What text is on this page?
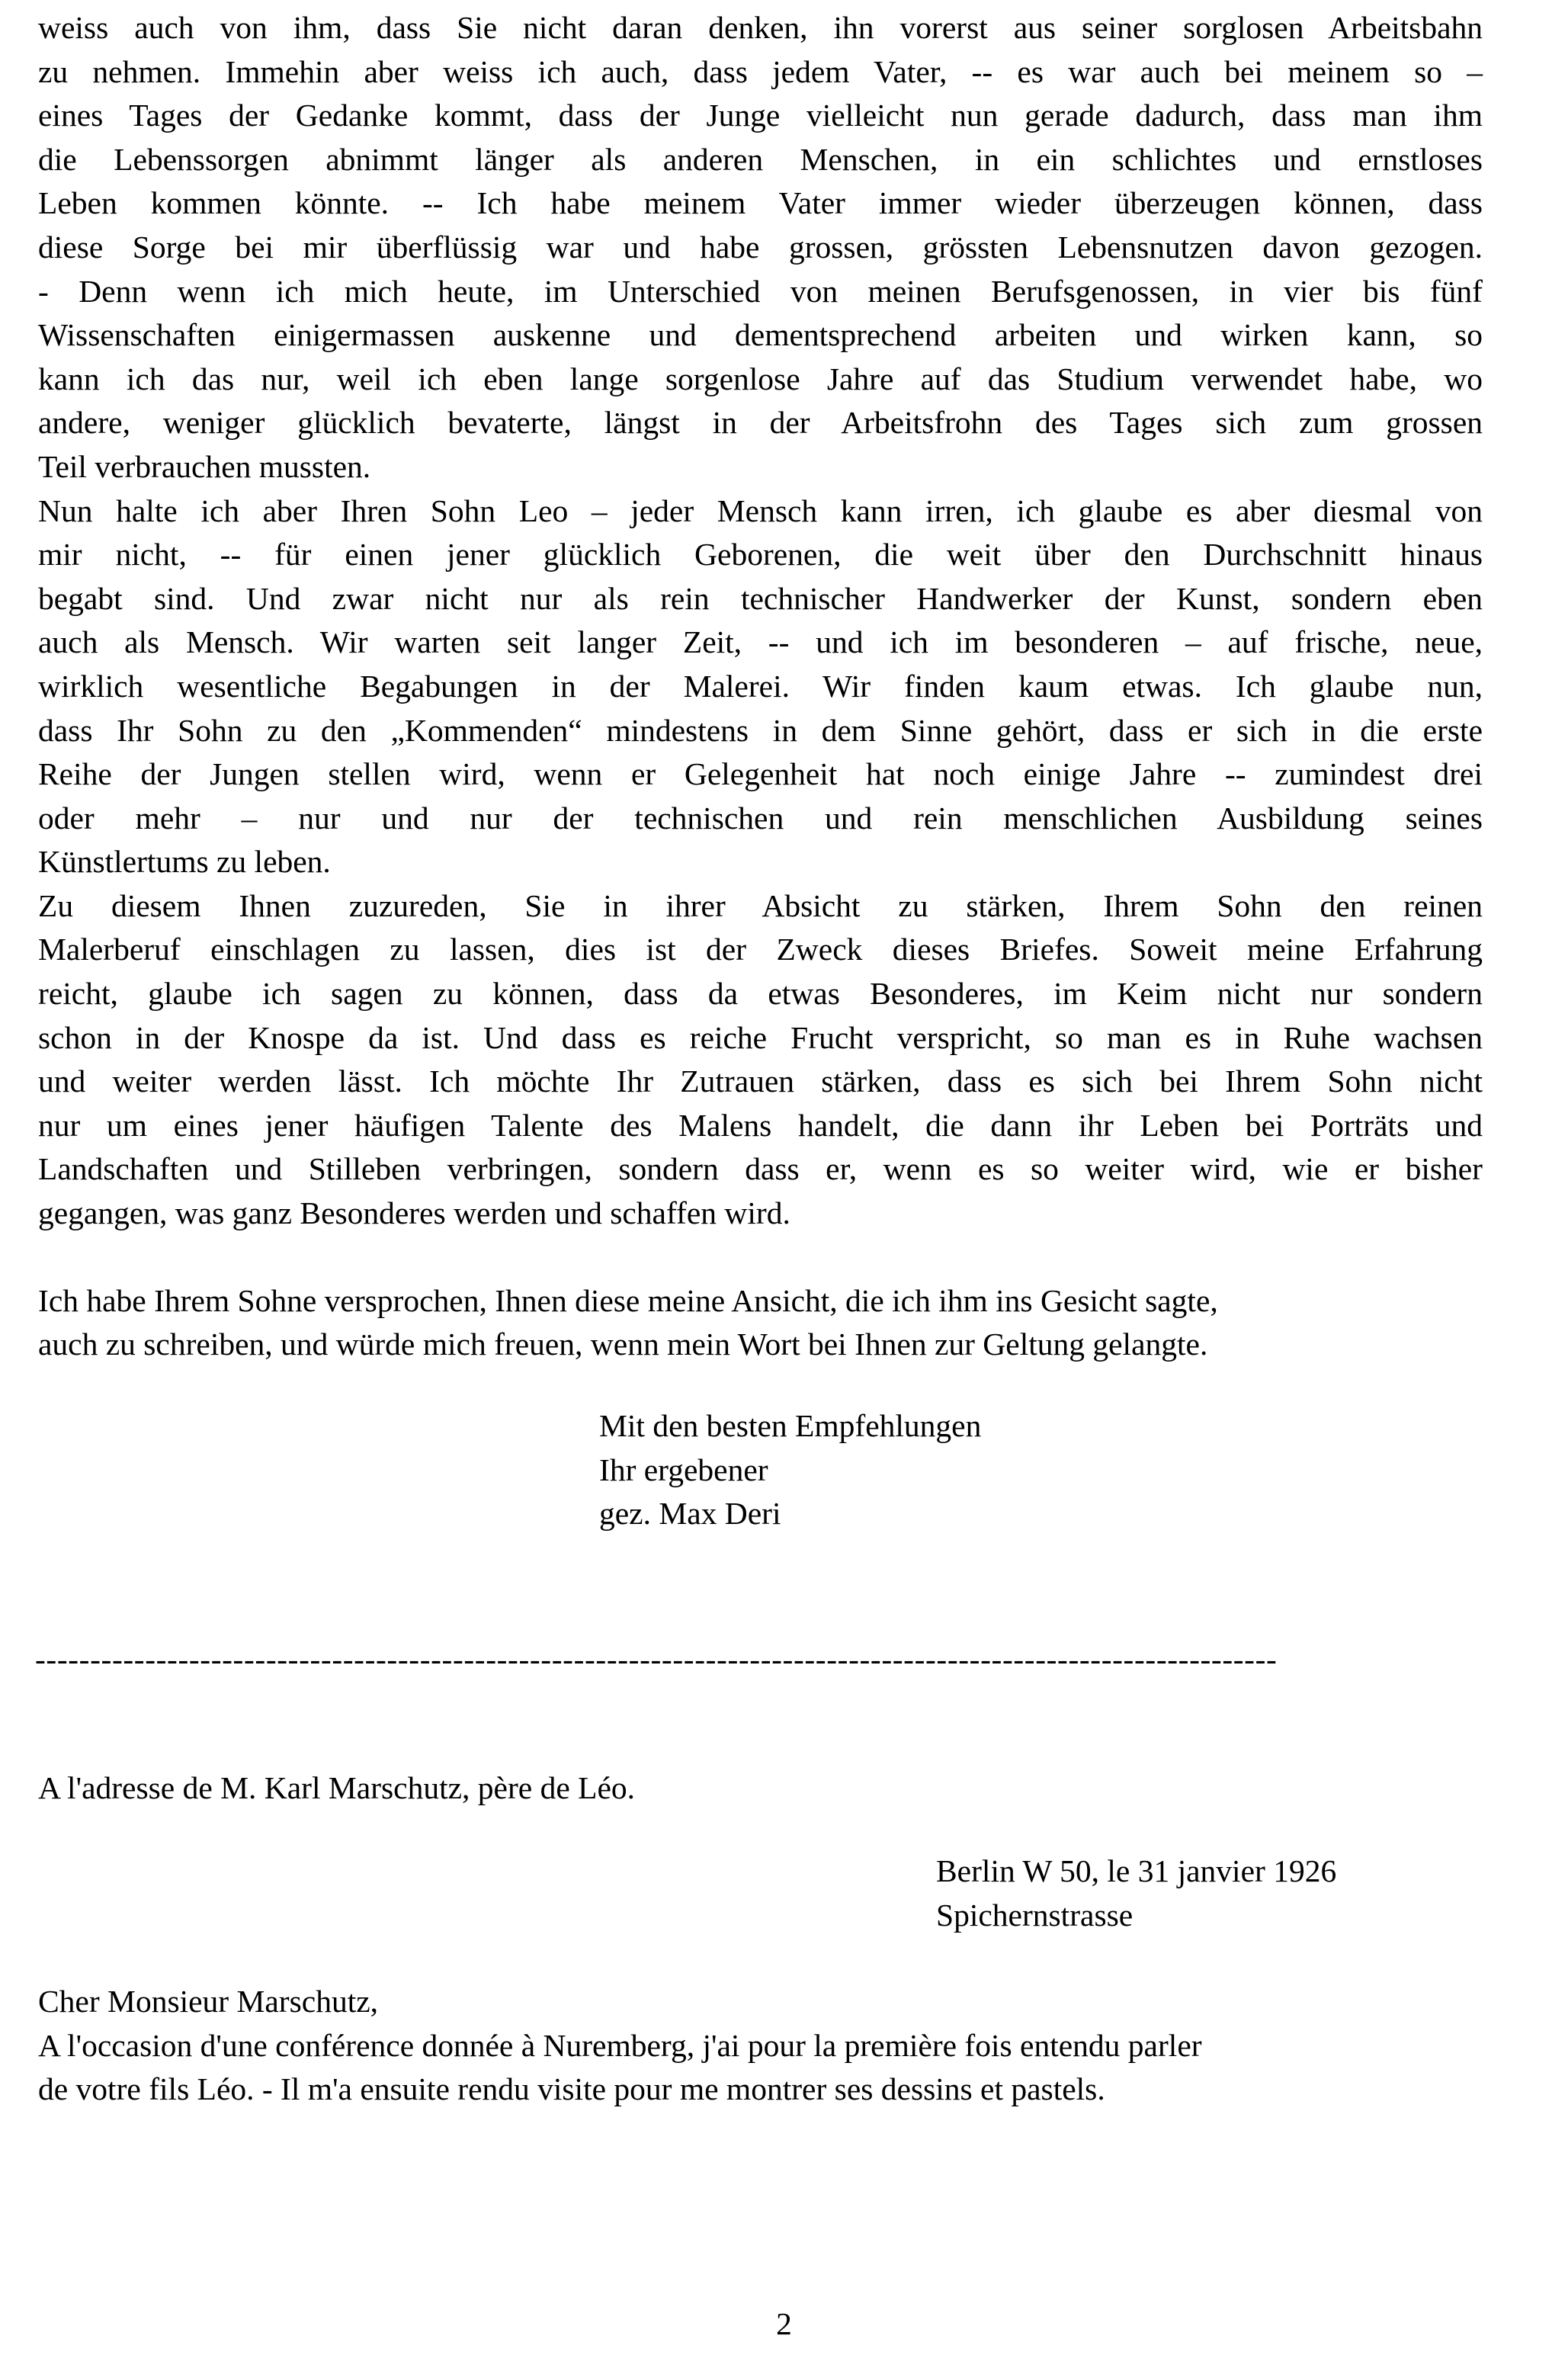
weiss auch von ihm, dass Sie nicht daran denken, ihn vorerst aus seiner sorglosen Arbeitsbahn
zu nehmen. Immehin aber weiss ich auch, dass jedem Vater, -- es war auch bei meinem so –
eines Tages der Gedanke kommt, dass der Junge vielleicht nun gerade dadurch, dass man ihm
die Lebenssorgen abnimmt länger als anderen Menschen, in ein schlichtes und ernstloses
Leben kommen könnte. -- Ich habe meinem Vater immer wieder überzeugen können, dass
diese Sorge bei mir überflüssig war und habe grossen, grössten Lebensnutzen davon gezogen.
- Denn wenn ich mich heute, im Unterschied von meinen Berufsgenossen, in vier bis fünf
Wissenschaften einigermassen auskenne und dementsprechend arbeiten und wirken kann, so
kann ich das nur, weil ich eben lange sorgenlose Jahre auf das Studium verwendet habe, wo
andere, weniger glücklich bevaterte, längst in der Arbeitsfrohn des Tages sich zum grossen
Teil verbrauchen mussten.
Nun halte ich aber Ihren Sohn Leo – jeder Mensch kann irren, ich glaube es aber diesmal von
mir nicht, -- für einen jener glücklich Geborenen, die weit über den Durchschnitt hinaus
begabt sind. Und zwar nicht nur als rein technischer Handwerker der Kunst, sondern eben
auch als Mensch. Wir warten seit langer Zeit, -- und ich im besonderen – auf frische, neue,
wirklich wesentliche Begabungen in der Malerei. Wir finden kaum etwas. Ich glaube nun,
dass Ihr Sohn zu den „Kommenden“ mindestens in dem Sinne gehört, dass er sich in die erste
Reihe der Jungen stellen wird, wenn er Gelegenheit hat noch einige Jahre -- zumindest drei
oder mehr – nur und nur der technischen und rein menschlichen Ausbildung seines
Künstlertums zu leben.
Zu diesem Ihnen zuzureden, Sie in ihrer Absicht zu stärken, Ihrem Sohn den reinen
Malerberuf einschlagen zu lassen, dies ist der Zweck dieses Briefes. Soweit meine Erfahrung
reicht, glaube ich sagen zu können, dass da etwas Besonderes, im Keim nicht nur sondern
schon in der Knospe da ist. Und dass es reiche Frucht verspricht, so man es in Ruhe wachsen
und weiter werden lässt. Ich möchte Ihr Zutrauen stärken, dass es sich bei Ihrem Sohn nicht
nur um eines jener häufigen Talente des Malens handelt, die dann ihr Leben bei Porträts und
Landschaften und Stilleben verbringen, sondern dass er, wenn es so weiter wird, wie er bisher
gegangen, was ganz Besonderes werden und schaffen wird.
Ich habe Ihrem Sohne versprochen, Ihnen diese meine Ansicht, die ich ihm ins Gesicht sagte,
auch zu schreiben, und würde mich freuen, wenn mein Wort bei Ihnen zur Geltung gelangte.
Mit den besten Empfehlungen
Ihr ergebener
gez. Max Deri
-----------------------------------------------------------------------------------------------------------------
A l'adresse de M. Karl Marschutz, père de Léo.
Berlin W 50, le 31 janvier 1926
Spichernstrasse
Cher Monsieur Marschutz,
A l'occasion d'une conférence donnée à Nuremberg, j'ai pour la première fois entendu parler
de votre fils Léo. - Il m'a ensuite rendu visite pour me montrer ses dessins et pastels.
2
